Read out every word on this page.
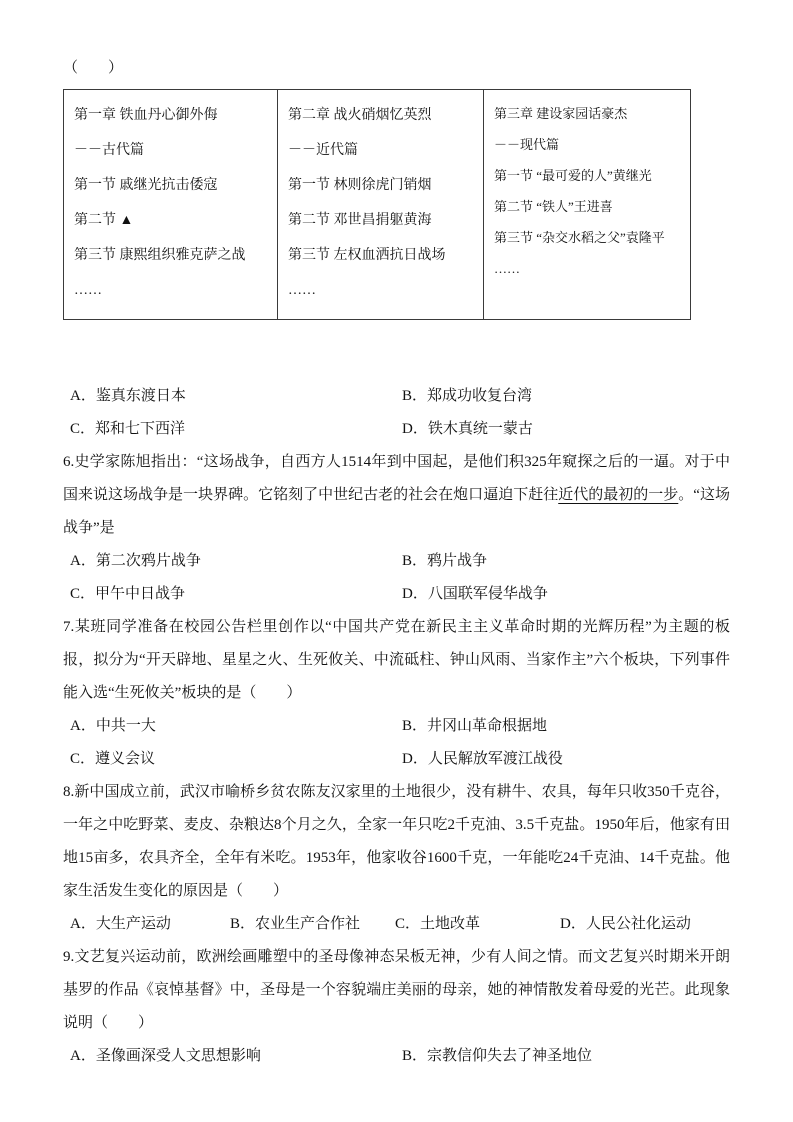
（　　）

第一章 铁血丹心御外侮

－－古代篇

第一节 戚继光抗击倭寇

第二节 ▲

第三节 康熙组织雅克萨之战

……

第二章 战火硝烟忆英烈

－－近代篇

第一节 林则徐虎门销烟

第二节 邓世昌捐躯黄海

第三节 左权血洒抗日战场

……

第三章 建设家园话豪杰

－－现代篇

第一节 “最可爱的人”黄继光

第二节 “铁人”王进喜

第三节 “杂交水稻之父”袁隆平

……

A．鉴真东渡日本	B．郑成功收复台湾
C．郑和七下西洋	D．铁木真统一蒙古

6.史学家陈旭指出：“这场战争，自西方人1514年到中国起，是他们积325年窥探之后的一逼。对于中国来说这场战争是一块界碑。它铭刻了中世纪古老的社会在炮口逼迫下赶往近代的最初的一步。“这场战争”是

A．第二次鸦片战争	B．鸦片战争
C．甲午中日战争	D．八国联军侵华战争

7.某班同学准备在校园公告栏里创作以“中国共产党在新民主主义革命时期的光辉历程”为主题的板报，拟分为“开天辟地、星星之火、生死攸关、中流砥柱、钟山风雨、当家作主”六个板块，下列事件能入选“生死攸关”板块的是（　　）

A．中共一大	B．井冈山革命根据地
C．遵义会议	D．人民解放军渡江战役

8.新中国成立前，武汉市喻桥乡贫农陈友汉家里的土地很少，没有耕牛、农具，每年只收350千克谷，一年之中吃野菜、麦皮、杂粮达8个月之久，全家一年只吃2千克油、3.5千克盐。1950年后，他家有田地15亩多，农具齐全，全年有米吃。1953年，他家收谷1600千克，一年能吃24千克油、14千克盐。他家生活发生变化的原因是（　　）

A．大生产运动	B．农业生产合作社	C．土地改革	D．人民公社化运动

9.文艺复兴运动前，欧洲绘画雕塑中的圣母像神态呆板无神，少有人间之情。而文艺复兴时期米开朗基罗的作品《哀悼基督》中，圣母是一个容貌端庄美丽的母亲，她的神情散发着母爱的光芒。此现象说明（　　）

A．圣像画深受人文思想影响	B．宗教信仰失去了神圣地位
